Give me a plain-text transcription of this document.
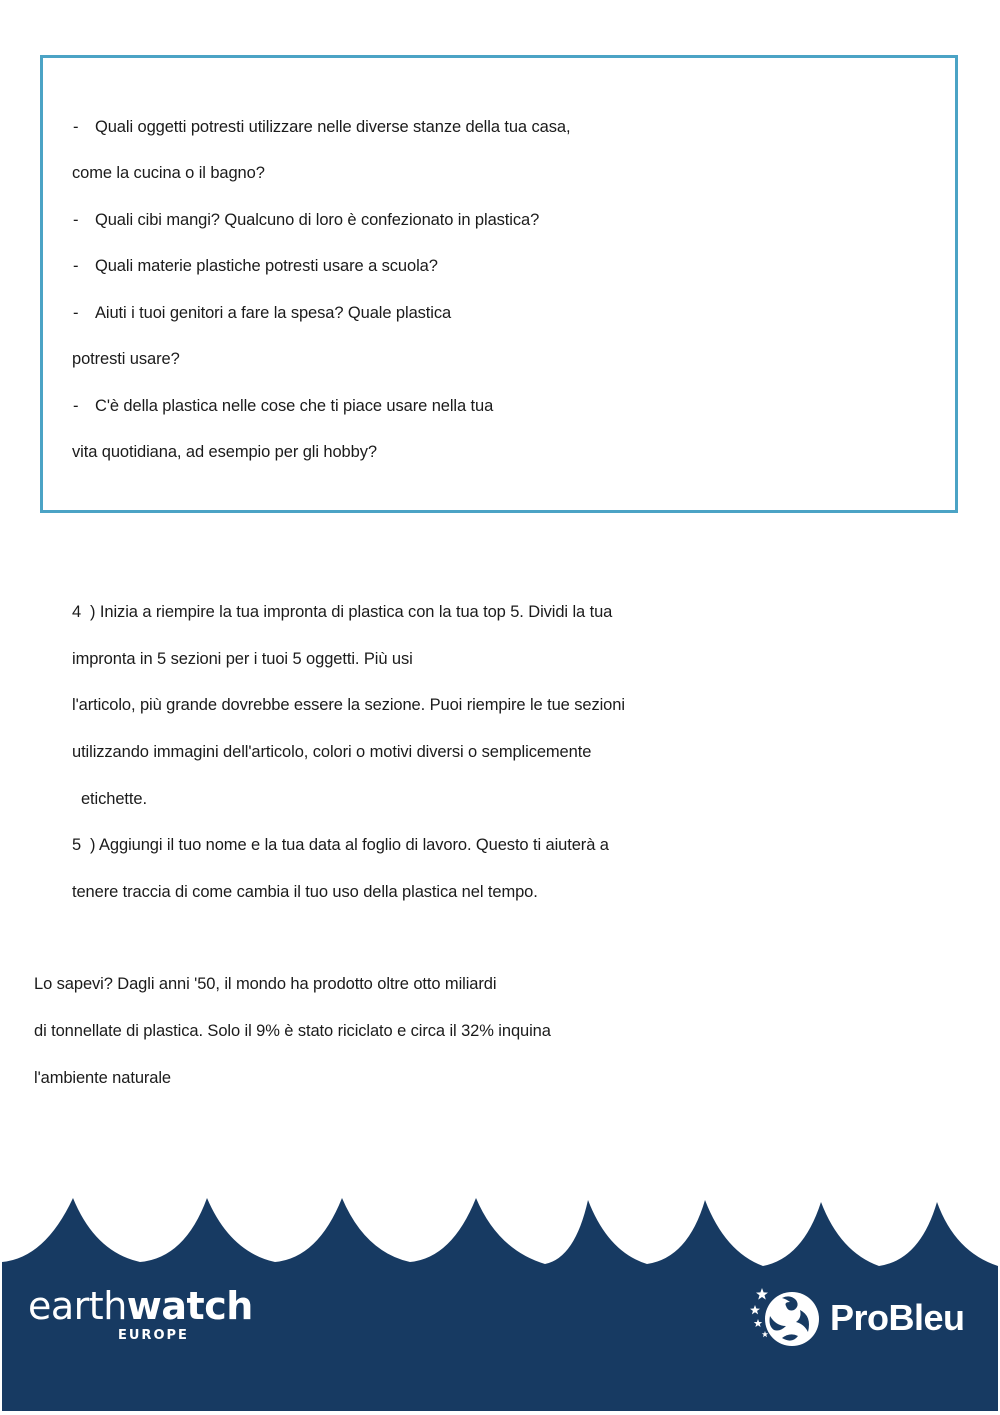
- Quali oggetti potresti utilizzare nelle diverse stanze della tua casa,
come la cucina o il bagno?
- Quali cibi mangi? Qualcuno di loro è confezionato in plastica?
- Quali materie plastiche potresti usare a scuola?
- Aiuti i tuoi genitori a fare la spesa? Quale plastica
potresti usare?
- C'è della plastica nelle cose che ti piace usare nella tua
vita quotidiana, ad esempio per gli hobby?
4  ) Inizia a riempire la tua impronta di plastica con la tua top 5. Dividi la tua
impronta in 5 sezioni per i tuoi 5 oggetti. Più usi
l'articolo, più grande dovrebbe essere la sezione. Puoi riempire le tue sezioni
utilizzando immagini dell'articolo, colori o motivi diversi o semplicemente
etichette.
5  ) Aggiungi il tuo nome e la tua data al foglio di lavoro. Questo ti aiuterà a
tenere traccia di come cambia il tuo uso della plastica nel tempo.
Lo sapevi? Dagli anni '50, il mondo ha prodotto oltre otto miliardi
di tonnellate di plastica. Solo il 9% è stato riciclato e circa il 32% inquina
l'ambiente naturale
earthwatch
EUROPE	ProBleu
